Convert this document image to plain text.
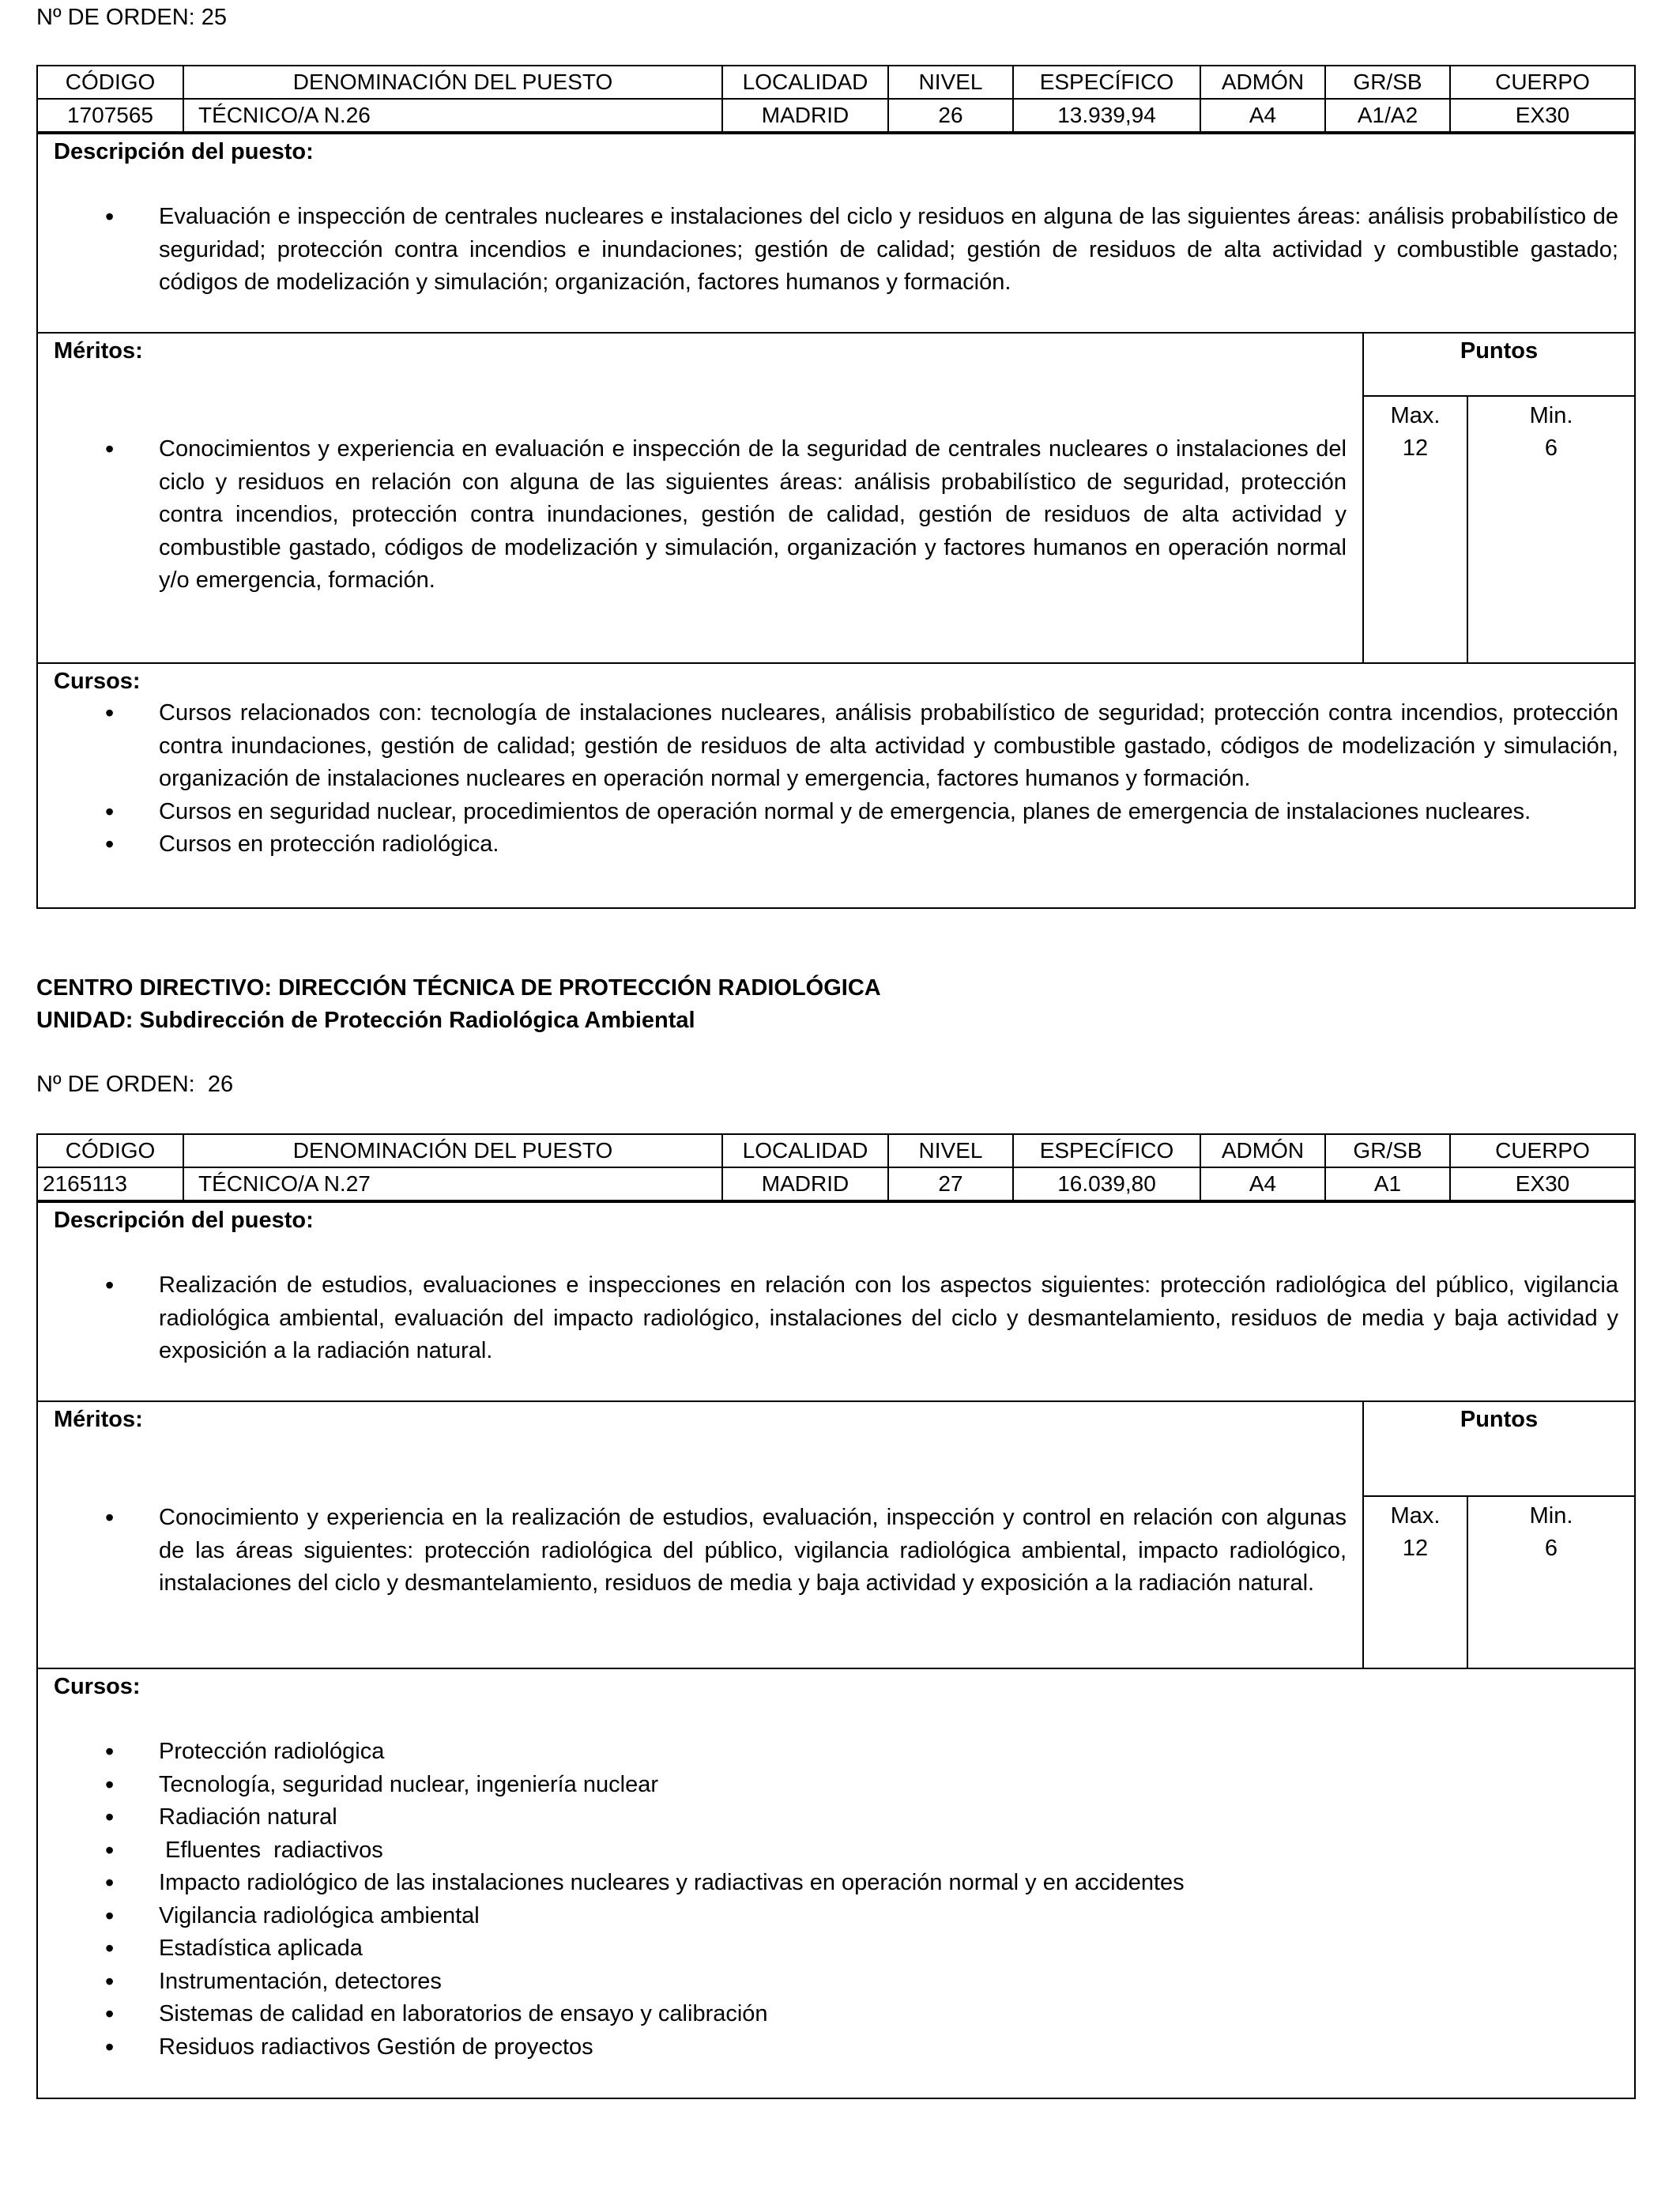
Nº DE ORDEN: 25
CÓDIGO	DENOMINACIÓN DEL PUESTO	LOCALIDAD	NIVEL	ESPECÍFICO	ADMÓN	GR/SB	CUERPO
1707565	TÉCNICO/A N.26	MADRID	26	13.939,94	A4	A1/A2	EX30
Descripción del puesto:
• Evaluación e inspección de centrales nucleares e instalaciones del ciclo y residuos en alguna de las siguientes áreas: análisis probabilístico de seguridad; protección contra incendios e inundaciones; gestión de calidad; gestión de residuos de alta actividad y combustible gastado; códigos de modelización y simulación; organización, factores humanos y formación.
Méritos:
• Conocimientos y experiencia en evaluación e inspección de la seguridad de centrales nucleares o instalaciones del ciclo y residuos en relación con alguna de las siguientes áreas: análisis probabilístico de seguridad, protección contra incendios, protección contra inundaciones, gestión de calidad, gestión de residuos de alta actividad y combustible gastado, códigos de modelización y simulación, organización y factores humanos en operación normal y/o emergencia, formación.
Puntos
Max.
12
Min.
6
Cursos:
• Cursos relacionados con: tecnología de instalaciones nucleares, análisis probabilístico de seguridad; protección contra incendios, protección contra inundaciones, gestión de calidad; gestión de residuos de alta actividad y combustible gastado, códigos de modelización y simulación, organización de instalaciones nucleares en operación normal y emergencia, factores humanos y formación.
• Cursos en seguridad nuclear, procedimientos de operación normal y de emergencia, planes de emergencia de instalaciones nucleares.
• Cursos en protección radiológica.
CENTRO DIRECTIVO: DIRECCIÓN TÉCNICA DE PROTECCIÓN RADIOLÓGICA
UNIDAD: Subdirección de Protección Radiológica Ambiental
Nº DE ORDEN:  26
CÓDIGO	DENOMINACIÓN DEL PUESTO	LOCALIDAD	NIVEL	ESPECÍFICO	ADMÓN	GR/SB	CUERPO
2165113	TÉCNICO/A N.27	MADRID	27	16.039,80	A4	A1	EX30
Descripción del puesto:
• Realización de estudios, evaluaciones e inspecciones en relación con los aspectos siguientes: protección radiológica del público, vigilancia radiológica ambiental, evaluación del impacto radiológico, instalaciones del ciclo y desmantelamiento, residuos de media y baja actividad y exposición a la radiación natural.
Méritos:
• Conocimiento y experiencia en la realización de estudios, evaluación, inspección y control en relación con algunas de las áreas siguientes: protección radiológica del público, vigilancia radiológica ambiental, impacto radiológico, instalaciones del ciclo y desmantelamiento, residuos de media y baja actividad y exposición a la radiación natural.
Puntos
Max.
12
Min.
6
Cursos:
• Protección radiológica
• Tecnología, seguridad nuclear, ingeniería nuclear
• Radiación natural
•  Efluentes  radiactivos
• Impacto radiológico de las instalaciones nucleares y radiactivas en operación normal y en accidentes
• Vigilancia radiológica ambiental
• Estadística aplicada
• Instrumentación, detectores
• Sistemas de calidad en laboratorios de ensayo y calibración
• Residuos radiactivos Gestión de proyectos
